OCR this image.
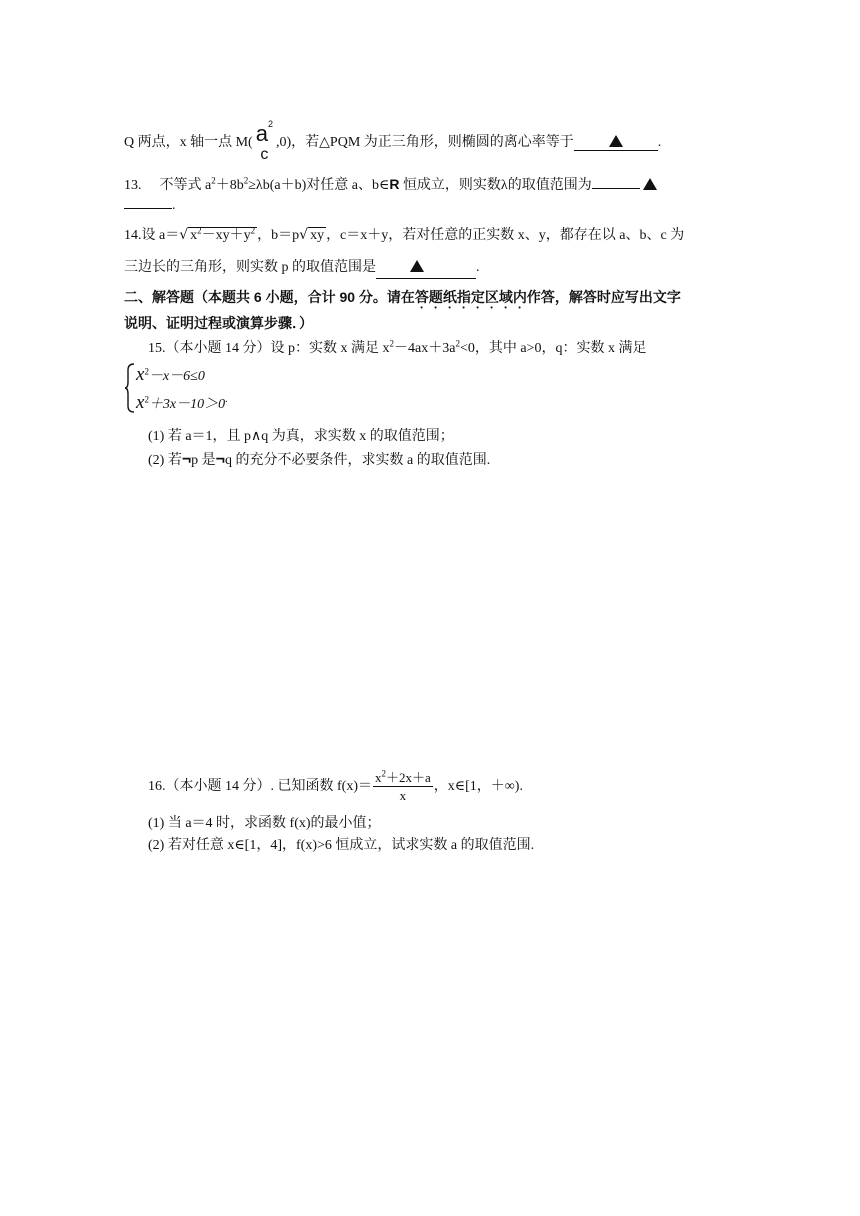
Q 两点，x 轴一点 M( $a^2$
c
,0)，若△PQM 为正三角形，则椭圆的离心率等于	.
13. 不等式 $a^2+8b^2\ge\lambda b(a+b)$对任意 a、b∈R 恒成立，则实数λ的取值范围为
.
14.设 a＝√ $x^2-xy+y^2$ ，b＝p√ xy ，c＝x＋y，若对任意的正实数 x、y，都存在以 a、b、c 为
三边长的三角形，则实数 p 的取值范围是	.
二、解答题（本题共 6 小题，合计 90 分。请在答题纸指定区域内作答，解答时应写出文字
说明、证明过程或演算步骤．）
15.（本小题 14 分）设 p：实数 x 满足 $x^2-4ax+3a^2<0$，其中 a>0，q：实数 x 满足
$x^2-x-6\le 0$
$x^2+3x-10>0^.$
(1) 若 a＝1，且 p∧q 为真，求实数 x 的取值范围；
(2) 若¬p 是¬q 的充分不必要条件，求实数 a 的取值范围.
16.（本小题 14 分）. 已知函数 $f(x)= \frac{x^2+2x+a}{x}$ ，x∈[1，＋∞).
(1) 当 a＝4 时，求函数 f(x)的最小值；
(2) 若对任意 x∈[1，4]，f(x)>6 恒成立，试求实数 a 的取值范围.
